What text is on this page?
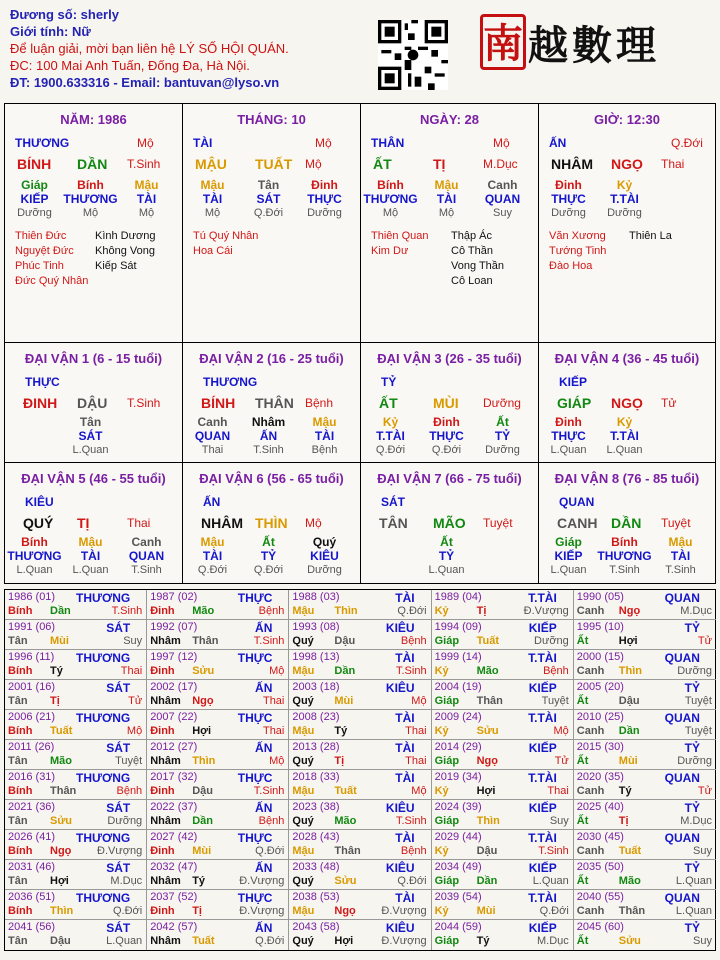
Đương số: sherly
Giới tính: Nữ
Để luận giải, mời bạn liên hệ LÝ SỐ HỘI QUÁN.
ĐC: 100 Mai Anh Tuấn, Đống Đa, Hà Nội.
ĐT: 1900.633316 - Email: bantuvan@lyso.vn
南 越數理
NĂM: 1986
THƯƠNG	Mộ
BÍNH DẦN T.Sinh
Giáp
KIẾP
Dưỡng
Bính
THƯƠNG
Mộ
Mậu
TÀI
Mộ
Thiên Đức
Nguyệt Đức
Phúc Tinh
Đức Quý Nhân
Kình Dương
Không Vong
Kiếp Sát
THÁNG: 10
TÀI	Mộ
MẬU TUẤT Mộ
Mậu
TÀI
Mộ
Tân
SÁT
Q.Đới
Đinh
THỰC
Dưỡng
Tú Quý Nhân
Hoa Cái
NGÀY: 28
THÂN	Mộ
ẤT	TỊ	M.Dục
Bính
THƯƠNG
Mộ
Mậu
TÀI
Mộ
Canh
QUAN
Suy
Thiên Quan
Kim Dư
Thập Ác
Cô Thần
Vong Thần
Cô Loan
GIỜ: 12:30
ẤN	Q.Đới
NHÂM NGỌ Thai
Đinh
THỰC
Dưỡng
Kỷ
T.TÀI
Dưỡng
Văn Xương
Tướng Tinh
Đào Hoa
Thiên La
ĐẠI VẬN 1 (6 - 15 tuổi)
THỰC
ĐINH DẬU T.Sinh
Tân
SÁT
L.Quan
ĐẠI VẬN 2 (16 - 25 tuổi)
THƯƠNG
BÍNH THÂN Bệnh
Canh
QUAN
Thai
Nhâm
ẤN
T.Sinh
Mậu
TÀI
Bệnh
ĐẠI VẬN 3 (26 - 35 tuổi)
TỶ
ẤT	MÙI Dưỡng
Kỷ
T.TÀI
Q.Đới
Đinh
THỰC
Q.Đới
Ất
TỶ
Dưỡng
ĐẠI VẬN 4 (36 - 45 tuổi)
KIẾP
GIÁP NGỌ Tử
Đinh
THỰC
L.Quan
Kỷ
T.TÀI
L.Quan
ĐẠI VẬN 5 (46 - 55 tuổi)
KIÊU
QUÝ TỊ	Thai
Bính
THƯƠNG
L.Quan
Mậu
TÀI
L.Quan
Canh
QUAN
T.Sinh
ĐẠI VẬN 6 (56 - 65 tuổi)
ẤN
NHÂM THÌN Mộ
Mậu
TÀI
Q.Đới
Ất
TỶ
Q.Đới
Quý
KIÊU
Dưỡng
ĐẠI VẬN 7 (66 - 75 tuổi)
SÁT
TÂN MÃO Tuyệt
Ất
TỶ
L.Quan
ĐẠI VẬN 8 (76 - 85 tuổi)
QUAN
CANH DẦN Tuyệt
Giáp
KIẾP
L.Quan
Bính
THƯƠNG
T.Sinh
Mậu
TÀI
T.Sinh
1986 (01) THƯƠNG
Bính Dần	T.Sinh
1987 (02)	THỰC
Đinh Mão	Bệnh
1988 (03)	TÀI
Mậu Thìn	Q.Đới
1989 (04)	T.TÀI
Kỷ	Tị	Đ.Vượng
1990 (05)	QUAN
Canh Ngọ	M.Dục
1991 (06)	SÁT
Tân Mùi	Suy
1992 (07)	ẤN
Nhâm Thân	T.Sinh
1993 (08)	KIÊU
Quý Dậu	Bệnh
1994 (09)	KIẾP
Giáp Tuất	Dưỡng
1995 (10)	TỶ
Ất	Hợi	Tử
1996 (11) THƯƠNG
Bính Tý	Thai
1997 (12)	THỰC
Đinh Sửu	Mộ
1998 (13)	TÀI
Mậu Dần	T.Sinh
1999 (14)	T.TÀI
Kỷ	Mão	Bệnh
2000 (15)	QUAN
Canh Thìn	Dưỡng
2001 (16)	SÁT
Tân Tị	Tử
2002 (17)	ẤN
Nhâm Ngọ	Thai
2003 (18)	KIÊU
Quý Mùi	Mộ
2004 (19)	KIẾP
Giáp Thân	Tuyệt
2005 (20)	TỶ
Ất	Dậu	Tuyệt
2006 (21) THƯƠNG
Bính Tuất	Mộ
2007 (22)	THỰC
Đinh Hợi	Thai
2008 (23)	TÀI
Mậu Tý	Thai
2009 (24)	T.TÀI
Kỷ	Sửu	Mộ
2010 (25)	QUAN
Canh Dần	Tuyệt
2011 (26)	SÁT
Tân Mão	Tuyệt
2012 (27)	ẤN
Nhâm Thìn	Mộ
2013 (28)	TÀI
Quý Tị	Thai
2014 (29)	KIẾP
Giáp Ngọ	Tử
2015 (30)	TỶ
Ất	Mùi	Dưỡng
2016 (31) THƯƠNG
Bính Thân	Bệnh
2017 (32)	THỰC
Đinh Dậu	T.Sinh
2018 (33)	TÀI
Mậu Tuất	Mộ
2019 (34)	T.TÀI
Kỷ	Hợi	Thai
2020 (35)	QUAN
Canh Tý	Tử
2021 (36)	SÁT
Tân Sửu	Dưỡng
2022 (37)	ẤN
Nhâm Dần	Bệnh
2023 (38)	KIÊU
Quý Mão	T.Sinh
2024 (39)	KIẾP
Giáp Thìn	Suy
2025 (40)	TỶ
Ất	Tị	M.Dục
2026 (41) THƯƠNG
Bính Ngọ Đ.Vượng
2027 (42)	THỰC
Đinh Mùi	Q.Đới
2028 (43)	TÀI
Mậu Thân	Bệnh
2029 (44)	T.TÀI
Kỷ	Dậu	T.Sinh
2030 (45)	QUAN
Canh Tuất	Suy
2031 (46)	SÁT
Tân Hợi	M.Dục
2032 (47)	ẤN
Nhâm Tý	Đ.Vượng
2033 (48)	KIÊU
Quý Sửu	Q.Đới
2034 (49)	KIẾP
Giáp Dần	L.Quan
2035 (50)	TỶ
Ất	Mão	L.Quan
2036 (51) THƯƠNG
Bính Thìn	Q.Đới
2037 (52)	THỰC
Đinh Tị	Đ.Vượng
2038 (53)	TÀI
Mậu Ngọ Đ.Vượng
2039 (54)	T.TÀI
Kỷ	Mùi	Q.Đới
2040 (55)	QUAN
Canh Thân	L.Quan
2041 (56)	SÁT
Tân Dậu	L.Quan
2042 (57)	ẤN
Nhâm Tuất	Q.Đới
2043 (58)	KIÊU
Quý Hợi	Đ.Vượng
2044 (59)	KIẾP
Giáp Tý	M.Dục
2045 (60)	TỶ
Ất	Sửu	Suy
